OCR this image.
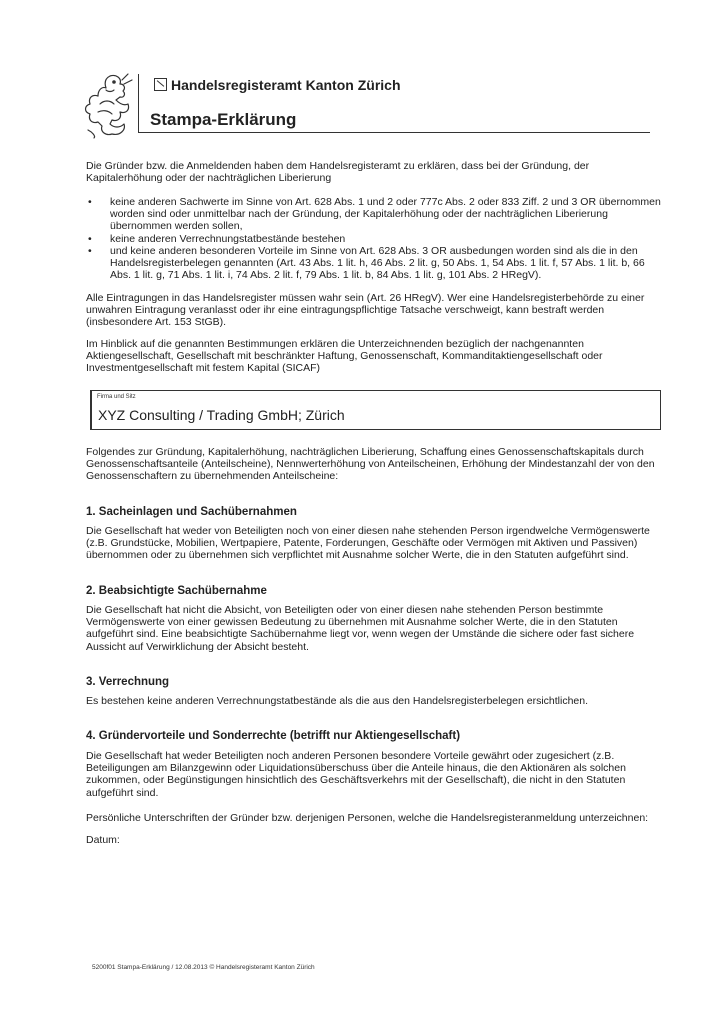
Handelsregisteramt Kanton Zürich
Stampa-Erklärung
Die Gründer bzw. die Anmeldenden haben dem Handelsregisteramt zu erklären, dass bei der Gründung, der Kapitalerhöhung oder der nachträglichen Liberierung
• keine anderen Sachwerte im Sinne von Art. 628 Abs. 1 und 2 oder 777c Abs. 2 oder 833 Ziff. 2 und 3 OR übernommen worden sind oder unmittelbar nach der Gründung, der Kapitalerhöhung oder der nachträglichen Liberierung übernommen werden sollen,
• keine anderen Verrechnungstatbestände bestehen
• und keine anderen besonderen Vorteile im Sinne von Art. 628 Abs. 3 OR ausbedungen worden sind als die in den Handelsregisterbelegen genannten (Art. 43 Abs. 1 lit. h, 46 Abs. 2 lit. g, 50 Abs. 1, 54 Abs. 1 lit. f, 57 Abs. 1 lit. b, 66 Abs. 1 lit. g, 71 Abs. 1 lit. i, 74 Abs. 2 lit. f, 79 Abs. 1 lit. b, 84 Abs. 1 lit. g, 101 Abs. 2 HRegV).
Alle Eintragungen in das Handelsregister müssen wahr sein (Art. 26 HRegV). Wer eine Handelsregisterbehörde zu einer unwahren Eintragung veranlasst oder ihr eine eintragungspflichtige Tatsache verschweigt, kann bestraft werden (insbesondere Art. 153 StGB).
Im Hinblick auf die genannten Bestimmungen erklären die Unterzeichnenden bezüglich der nachgenannten Aktiengesellschaft, Gesellschaft mit beschränkter Haftung, Genossenschaft, Kommanditaktiengesellschaft oder Investmentgesellschaft mit festem Kapital (SICAF)
Firma und Sitz
XYZ Consulting / Trading GmbH; Zürich
Folgendes zur Gründung, Kapitalerhöhung, nachträglichen Liberierung, Schaffung eines Genossenschaftskapitals durch Genossenschaftsanteile (Anteilscheine), Nennwerterhöhung von Anteilscheinen, Erhöhung der Mindestanzahl der von den Genossenschaftern zu übernehmenden Anteilscheine:
1. Sacheinlagen und Sachübernahmen
Die Gesellschaft hat weder von Beteiligten noch von einer diesen nahe stehenden Person irgendwelche Vermögenswerte (z.B. Grundstücke, Mobilien, Wertpapiere, Patente, Forderungen, Geschäfte oder Vermögen mit Aktiven und Passiven) übernommen oder zu übernehmen sich verpflichtet mit Ausnahme solcher Werte, die in den Statuten aufgeführt sind.
2. Beabsichtigte Sachübernahme
Die Gesellschaft hat nicht die Absicht, von Beteiligten oder von einer diesen nahe stehenden Person bestimmte Vermögenswerte von einer gewissen Bedeutung zu übernehmen mit Ausnahme solcher Werte, die in den Statuten aufgeführt sind. Eine beabsichtigte Sachübernahme liegt vor, wenn wegen der Umstände die sichere oder fast sichere Aussicht auf Verwirklichung der Absicht besteht.
3. Verrechnung
Es bestehen keine anderen Verrechnungstatbestände als die aus den Handelsregisterbelegen ersichtlichen.
4. Gründervorteile und Sonderrechte (betrifft nur Aktiengesellschaft)
Die Gesellschaft hat weder Beteiligten noch anderen Personen besondere Vorteile gewährt oder zugesichert (z.B. Beteiligungen am Bilanzgewinn oder Liquidationsüberschuss über die Anteile hinaus, die den Aktionären als solchen zukommen, oder Begünstigungen hinsichtlich des Geschäftsverkehrs mit der Gesellschaft), die nicht in den Statuten aufgeführt sind.
Persönliche Unterschriften der Gründer bzw. derjenigen Personen, welche die Handelsregisteranmeldung unterzeichnen:
Datum:
5200f01 Stampa-Erklärung / 12.08.2013 © Handelsregisteramt Kanton Zürich
